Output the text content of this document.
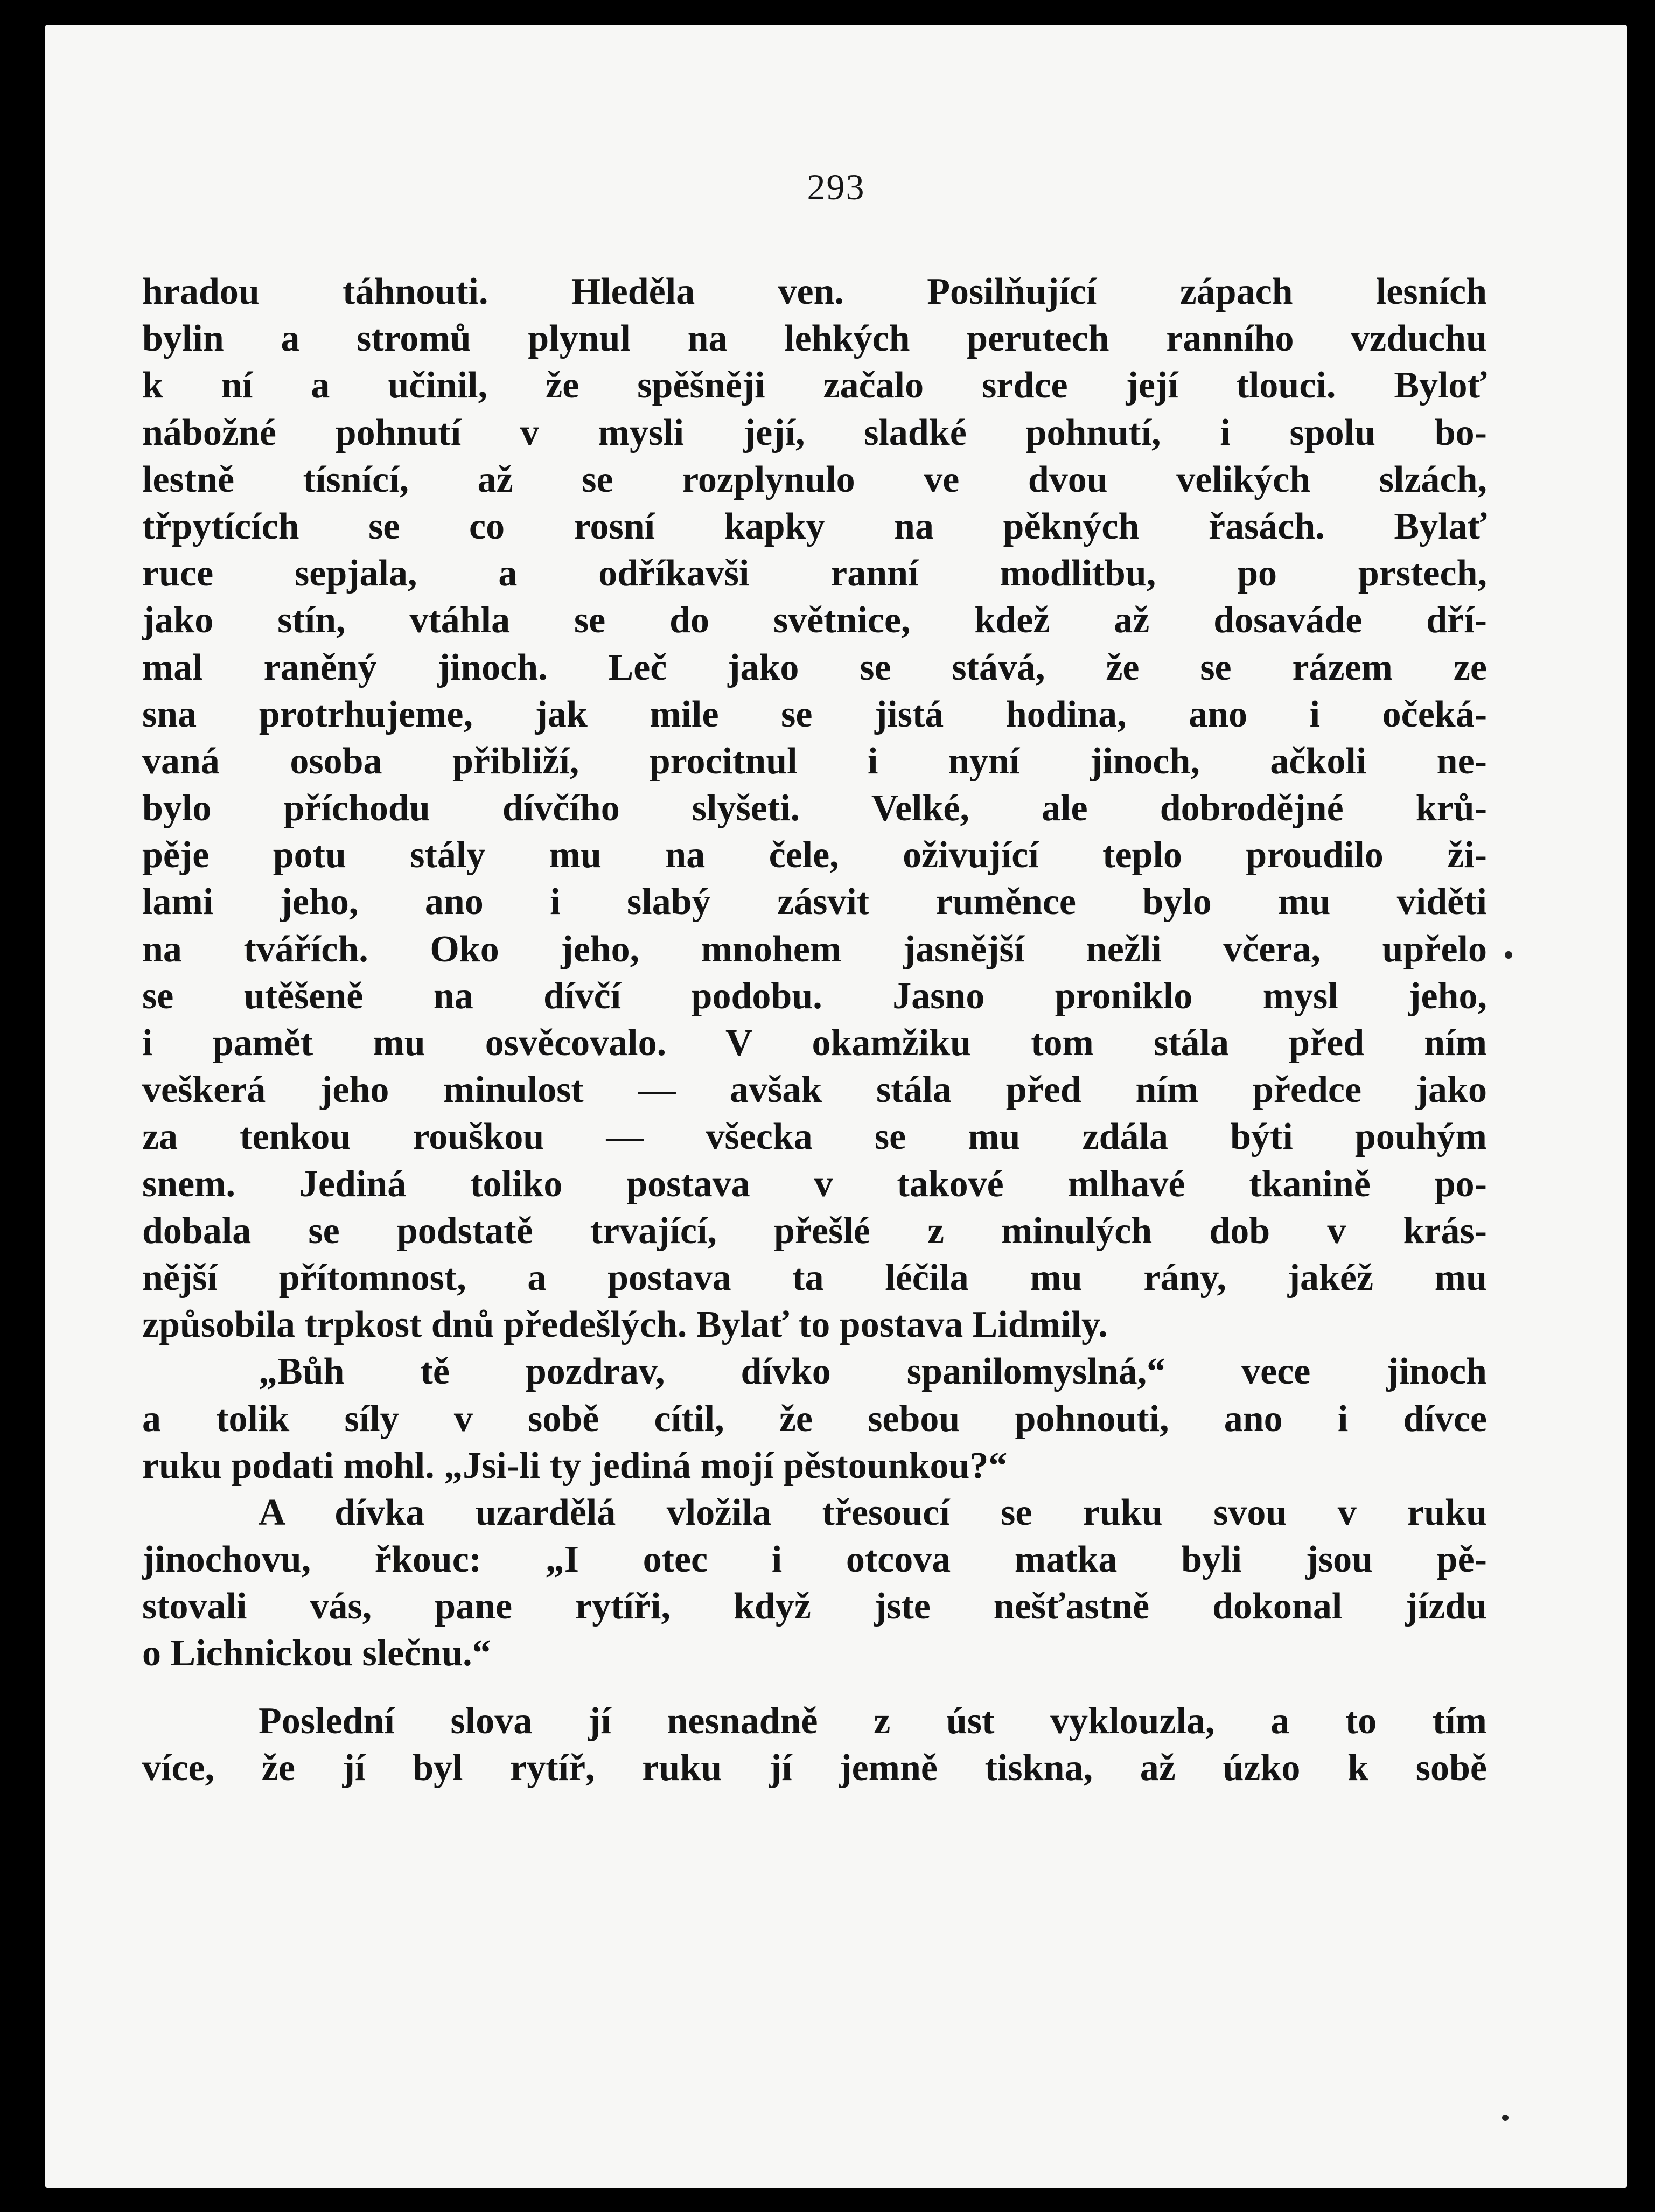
293
hradou táhnouti. Hleděla ven. Posilňující zápach lesních
bylin a stromů plynul na lehkých perutech ranního vzduchu
k ní a učinil, že spěšněji začalo srdce její tlouci. Byloť
nábožné pohnutí v mysli její, sladké pohnutí, i spolu bo-
lestně tísnící, až se rozplynulo ve dvou velikých slzách,
třpytících se co rosní kapky na pěkných řasách. Bylať
ruce sepjala, a odříkavši ranní modlitbu, po prstech,
jako stín, vtáhla se do světnice, kdež až dosaváde dří-
mal raněný jinoch. Leč jako se stává, že se rázem ze
sna protrhujeme, jak mile se jistá hodina, ano i očeká-
vaná osoba přibliží, procitnul i nyní jinoch, ačkoli ne-
bylo příchodu dívčího slyšeti. Velké, ale dobrodějné krů-
pěje potu stály mu na čele, oživující teplo proudilo ži-
lami jeho, ano i slabý zásvit ruměnce bylo mu viděti
na tvářích. Oko jeho, mnohem jasnější nežli včera, upřelo
se utěšeně na dívčí podobu. Jasno proniklo mysl jeho,
i pamět mu osvěcovalo. V okamžiku tom stála před ním
veškerá jeho minulost — avšak stála před ním předce jako
za tenkou rouškou — všecka se mu zdála býti pouhým
snem. Jediná toliko postava v takové mlhavé tkanině po-
dobala se podstatě trvající, přešlé z minulých dob v krás-
nější přítomnost, a postava ta léčila mu rány, jakéž mu
způsobila trpkost dnů předešlých. Bylať to postava Lidmily.
„Bůh tě pozdrav, dívko spanilomyslná,“ vece jinoch
a tolik síly v sobě cítil, že sebou pohnouti, ano i dívce
ruku podati mohl. „Jsi-li ty jediná mojí pěstounkou?“
A dívka uzardělá vložila třesoucí se ruku svou v ruku
jinochovu, řkouc: „I otec i otcova matka byli jsou pě-
stovali vás, pane rytíři, když jste nešťastně dokonal jízdu
o Lichnickou slečnu.“
Poslední slova jí nesnadně z úst vyklouzla, a to tím
více, že jí byl rytíř, ruku jí jemně tiskna, až úzko k sobě
